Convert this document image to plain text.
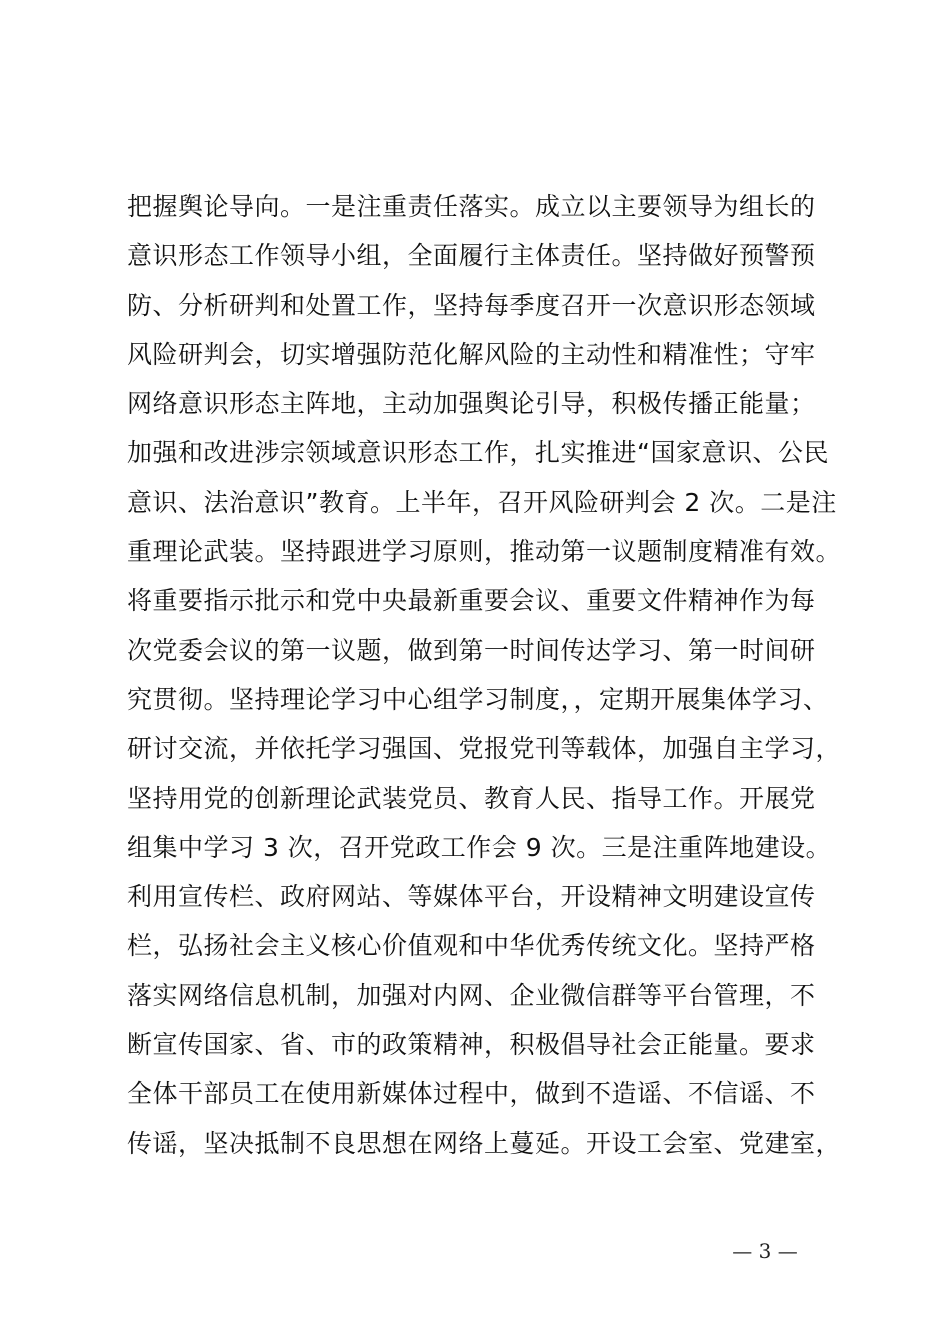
把握舆论导向。一是注重责任落实。成立以主要领导为组长的
意识形态工作领导小组，全面履行主体责任。坚持做好预警预
防、分析研判和处置工作，坚持每季度召开一次意识形态领域
风险研判会，切实增强防范化解风险的主动性和精准性；守牢
网络意识形态主阵地，主动加强舆论引导，积极传播正能量；
加强和改进涉宗领域意识形态工作，扎实推进“国家意识、公民
意识、法治意识”教育。上半年，召开风险研判会 2 次。二是注
重理论武装。坚持跟进学习原则，推动第一议题制度精准有效。
将重要指示批示和党中央最新重要会议、重要文件精神作为每
次党委会议的第一议题，做到第一时间传达学习、第一时间研
究贯彻。坚持理论学习中心组学习制度，，定期开展集体学习、
研讨交流，并依托学习强国、党报党刊等载体，加强自主学习，
坚持用党的创新理论武装党员、教育人民、指导工作。开展党
组集中学习 3 次，召开党政工作会 9 次。三是注重阵地建设。
利用宣传栏、政府网站、等媒体平台，开设精神文明建设宣传
栏，弘扬社会主义核心价值观和中华优秀传统文化。坚持严格
落实网络信息机制，加强对内网、企业微信群等平台管理，不
断宣传国家、省、市的政策精神，积极倡导社会正能量。要求
全体干部员工在使用新媒体过程中，做到不造谣、不信谣、不
传谣，坚决抵制不良思想在网络上蔓延。开设工会室、党建室，
— 3 —
